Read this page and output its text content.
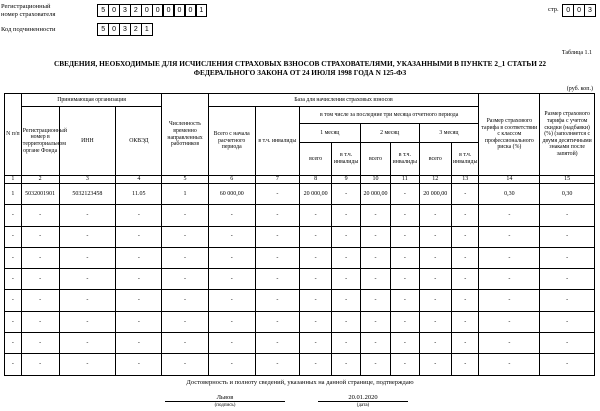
Регистрационный
номер страхователя	5	0	3	2	0	0	0	0	0	1	стр.	0	0	3
Код подчиненности	5	0	3	2	1
Таблица 1.1
СВЕДЕНИЯ, НЕОБХОДИМЫЕ ДЛЯ ИСЧИСЛЕНИЯ СТРАХОВЫХ ВЗНОСОВ СТРАХОВАТЕЛЯМИ, УКАЗАННЫМИ В ПУНКТЕ 2_1 СТАТЬИ 22
ФЕДЕРАЛЬНОГО ЗАКОНА ОТ 24 ИЮЛЯ 1998 ГОДА N 125-ФЗ
(руб. коп.)
N п/п	Принимающая организация			Численность временно направленных работников	База для начисления страховых взносов								Размер страхового тарифа в соответствии с классом профессионального риска (%)	Размер страхового тарифа с учетом скидки (надбавки) (%) (заполняется с двумя десятичными знаками после запятой)
	Регистрационный номер в территориальном органе Фонда	ИНН	ОКВЭД		Всего с начала расчетного периода	в т.ч. инвалиды	в том числе за последние три месяца отчетного периода							
							1 месяц		2 месяц		3 месяц			
							всего	в т.ч. инвалиды	всего	в т.ч. инвалиды	всего	в т.ч. инвалиды		
1	2	3	4	5	6	7	8	9	10	11	12	13	14	15
1	5032001901	5032123458	11.05	1	60 000,00	-	20 000,00	-	20 000,00	-	20 000,00	-	0,30	0,30
-	-	-	-	-	-	-	-	-	-	-	-	-	-	-
-	-	-	-	-	-	-	-	-	-	-	-	-	-	-
-	-	-	-	-	-	-	-	-	-	-	-	-	-	-
-	-	-	-	-	-	-	-	-	-	-	-	-	-	-
-	-	-	-	-	-	-	-	-	-	-	-	-	-	-
-	-	-	-	-	-	-	-	-	-	-	-	-	-	-
-	-	-	-	-	-	-	-	-	-	-	-	-	-	-
-	-	-	-	-	-	-	-	-	-	-	-	-	-	-
Достоверность и полноту сведений, указанных на данной странице, подтверждаю
Львов
(подпись)
20.01.2020
(дата)
